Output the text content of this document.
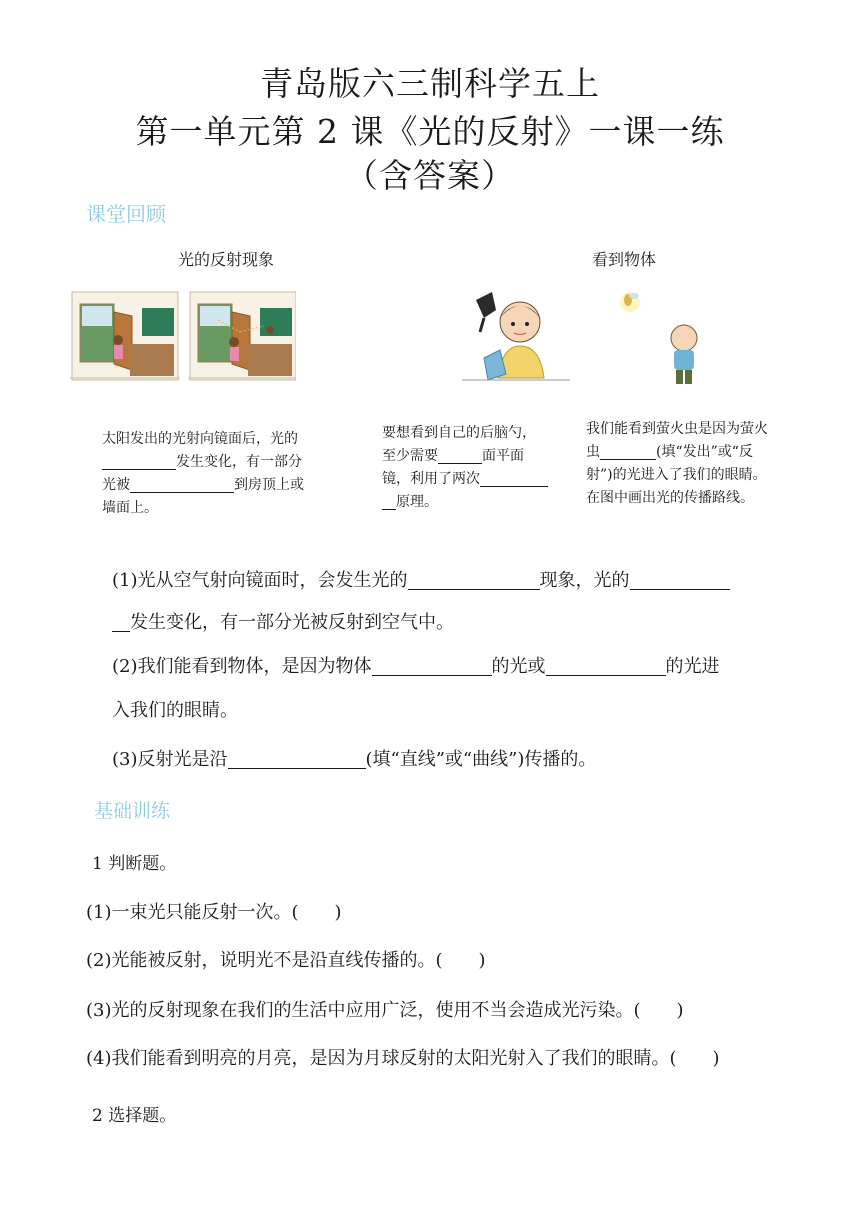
青岛版六三制科学五上
第一单元第 2 课《光的反射》一课一练
（含答案）
课堂回顾
光的反射现象	看到物体
太阳发出的光射向镜面后，光的
发生变化，有一部分
光被	到房顶上或
墙面上。
要想看到自己的后脑勺，
至少需要	面平面
镜，利用了两次
原理。
我们能看到萤火虫是因为萤火
虫	(填“发出”或“反
射”)的光进入了我们的眼睛。
在图中画出光的传播路线。
(1)光从空气射向镜面时，会发生光的	现象，光的
发生变化，有一部分光被反射到空气中。
(2)我们能看到物体，是因为物体	的光或	的光进
入我们的眼睛。
(3)反射光是沿	(填“直线”或“曲线”)传播的。
基础训练
1 判断题。
(1)一束光只能反射一次。(　　)
(2)光能被反射，说明光不是沿直线传播的。(　　)
(3)光的反射现象在我们的生活中应用广泛，使用不当会造成光污染。(　　)
(4)我们能看到明亮的月亮，是因为月球反射的太阳光射入了我们的眼睛。(　　)
2 选择题。
